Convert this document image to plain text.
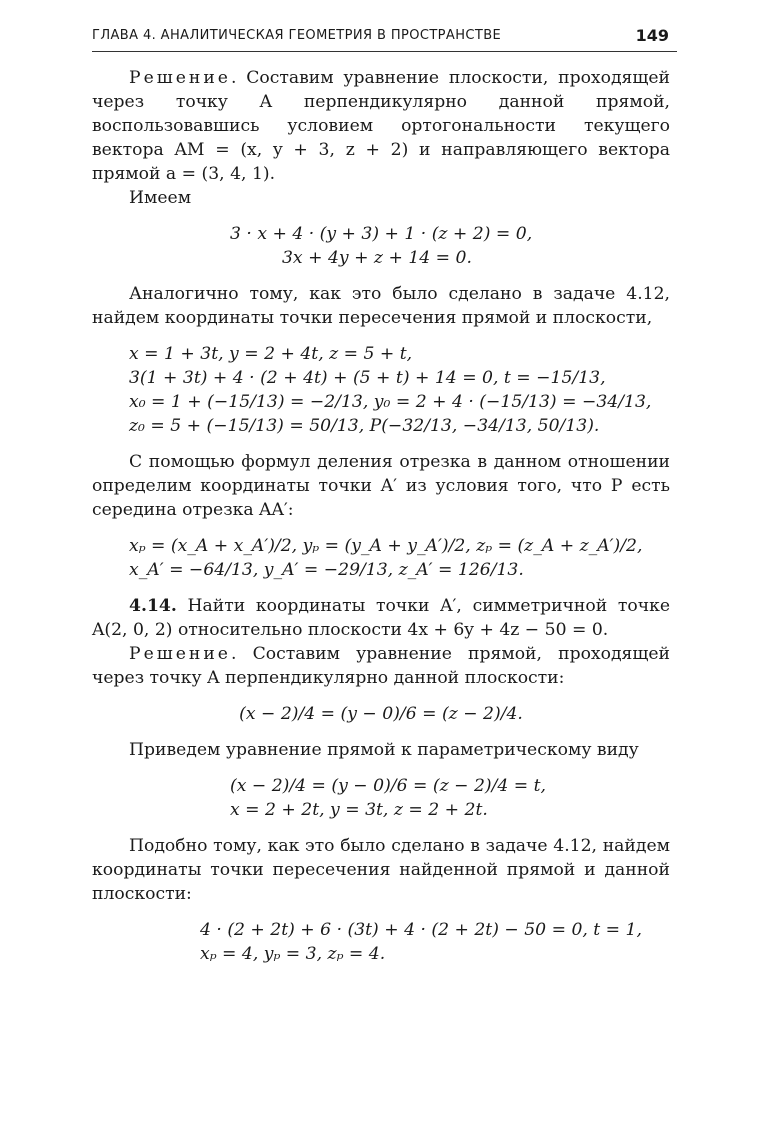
ГЛАВА 4. АНАЛИТИЧЕСКАЯ ГЕОМЕТРИЯ В ПРОСТРАНСТВЕ	149

Решение. Составим уравнение плоскости, проходящей через точку A перпендикулярно данной прямой, воспользовавшись условием ортогональности текущего вектора AM = (x, y + 3, z + 2) и направляющего вектора прямой a = (3, 4, 1).

Имеем

3 · x + 4 · (y + 3) + 1 · (z + 2) = 0,
3x + 4y + z + 14 = 0.

Аналогично тому, как это было сделано в задаче 4.12, найдем координаты точки пересечения прямой и плоскости,

x = 1 + 3t, y = 2 + 4t, z = 5 + t,
3(1 + 3t) + 4 · (2 + 4t) + (5 + t) + 14 = 0, t = −15/13,
x₀ = 1 + (−15/13) = −2/13, y₀ = 2 + 4 · (−15/13) = −34/13,
z₀ = 5 + (−15/13) = 50/13, P(−32/13, −34/13, 50/13).

С помощью формул деления отрезка в данном отношении определим координаты точки A′ из условия того, что P есть середина отрезка AA′:

xₚ = (x_A + x_A′)/2, yₚ = (y_A + y_A′)/2, zₚ = (z_A + z_A′)/2,
x_A′ = −64/13, y_A′ = −29/13, z_A′ = 126/13.

4.14. Найти координаты точки A′, симметричной точке A(2, 0, 2) относительно плоскости 4x + 6y + 4z − 50 = 0.

Решение. Составим уравнение прямой, проходящей через точку A перпендикулярно данной плоскости:

(x − 2)/4 = (y − 0)/6 = (z − 2)/4.

Приведем уравнение прямой к параметрическому виду

(x − 2)/4 = (y − 0)/6 = (z − 2)/4 = t,
x = 2 + 2t, y = 3t, z = 2 + 2t.

Подобно тому, как это было сделано в задаче 4.12, найдем координаты точки пересечения найденной прямой и данной плоскости:

4 · (2 + 2t) + 6 · (3t) + 4 · (2 + 2t) − 50 = 0, t = 1,
xₚ = 4, yₚ = 3, zₚ = 4.
